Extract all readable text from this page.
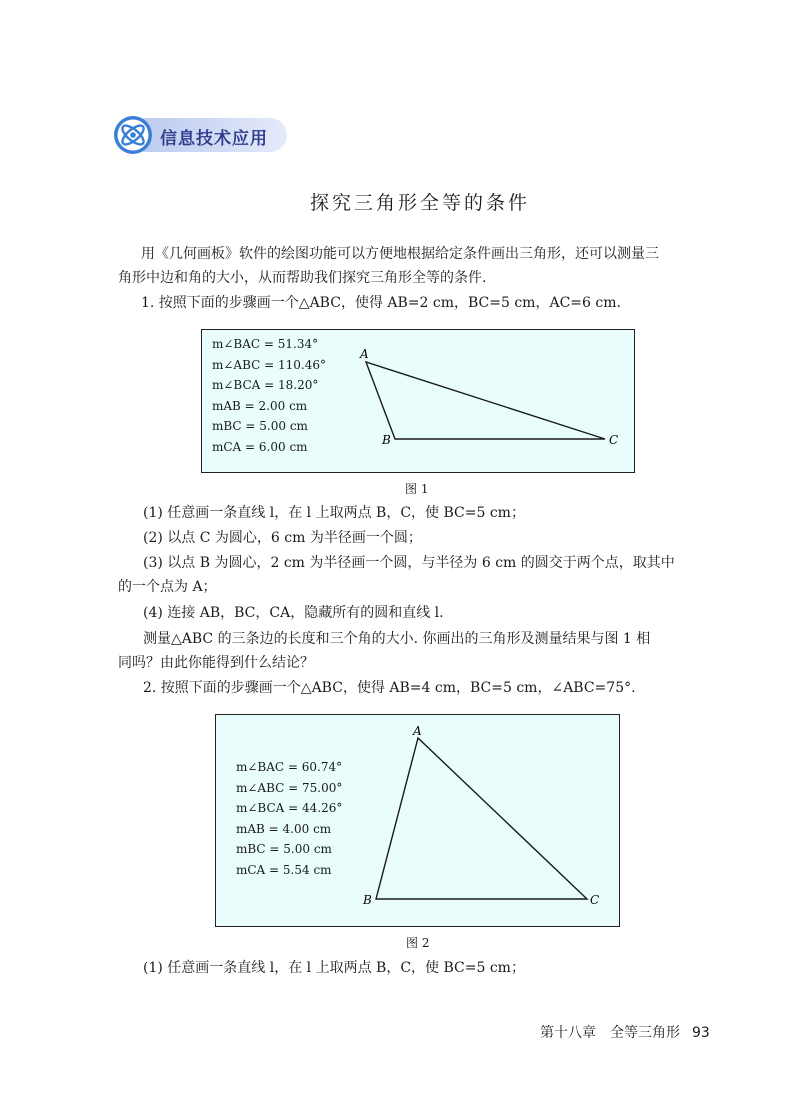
信息技术应用
探究三角形全等的条件
用《几何画板》软件的绘图功能可以方便地根据给定条件画出三角形，还可以测量三
角形中边和角的大小，从而帮助我们探究三角形全等的条件.
1. 按照下面的步骤画一个△ABC，使得 AB=2 cm，BC=5 cm，AC=6 cm.
m∠BAC = 51.34°
m∠ABC = 110.46°
m∠BCA = 18.20°
mAB = 2.00 cm
mBC = 5.00 cm
mCA = 6.00 cm
A
B	C
图 1
(1) 任意画一条直线 l，在 l 上取两点 B，C，使 BC=5 cm；
(2) 以点 C 为圆心，6 cm 为半径画一个圆；
(3) 以点 B 为圆心，2 cm 为半径画一个圆，与半径为 6 cm 的圆交于两个点，取其中
的一个点为 A；
(4) 连接 AB，BC，CA，隐藏所有的圆和直线 l.
测量△ABC 的三条边的长度和三个角的大小. 你画出的三角形及测量结果与图 1 相
同吗？由此你能得到什么结论？
2. 按照下面的步骤画一个△ABC，使得 AB=4 cm，BC=5 cm，∠ABC=75°.
m∠BAC = 60.74°
m∠ABC = 75.00°
m∠BCA = 44.26°
mAB = 4.00 cm
mBC = 5.00 cm
mCA = 5.54 cm
A
B	C
图 2
(1) 任意画一条直线 l，在 l 上取两点 B，C，使 BC=5 cm；
第十八章　全等三角形 93
